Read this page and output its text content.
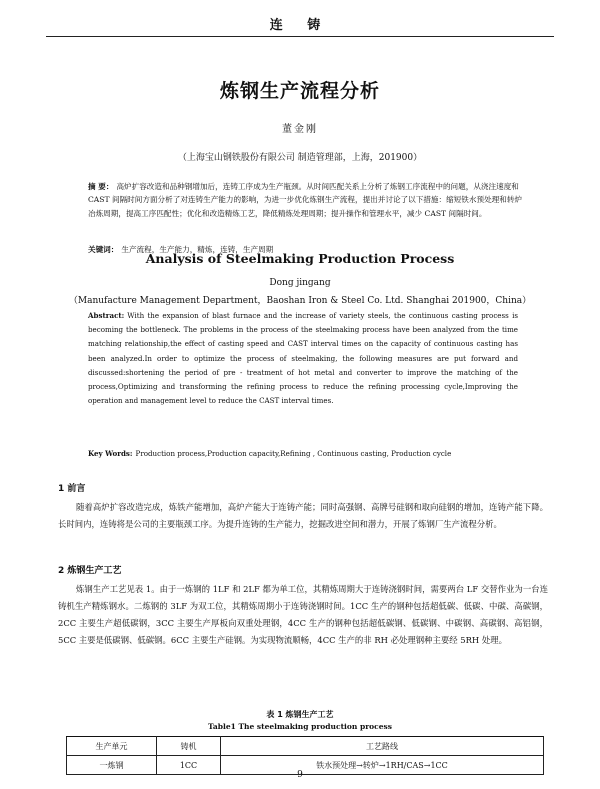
连 铸
炼钢生产流程分析
董金刚
（上海宝山钢铁股份有限公司 制造管理部，上海，201900）
摘 要： 高炉扩容改造和品种钢增加后，连铸工序成为生产瓶颈。从时间匹配关系上分析了炼钢工序流程中的问题，从浇注速度和 CAST 间隔时间方面分析了对连铸生产能力的影响，为进一步优化炼钢生产流程，提出并讨论了以下措施：缩短铁水预处理和转炉冶炼周期，提高工序匹配性；优化和改造精炼工艺，降低精炼处理周期；提升操作和管理水平，减少 CAST 间隔时间。
关键词： 生产流程，生产能力，精炼，连铸，生产周期
Analysis of Steelmaking Production Process
Dong jingang
（Manufacture Management Department，Baoshan Iron & Steel Co. Ltd. Shanghai 201900，China）
Abstract: With the expansion of blast furnace and the increase of variety steels, the continuous casting process is becoming the bottleneck. The problems in the process of the steelmaking process have been analyzed from the time matching relationship,the effect of casting speed and CAST interval times on the capacity of continuous casting has been analyzed.In order to optimize the process of steelmaking, the following measures are put forward and discussed:shortening the period of pre - treatment of hot metal and converter to improve the matching of the process,Optimizing and transforming the refining process to reduce the refining processing cycle,Improving the operation and management level to reduce the CAST interval times.
Key Words: Production process,Production capacity,Refining , Continuous casting, Production cycle
1 前言
随着高炉扩容改造完成，炼铁产能增加，高炉产能大于连铸产能；同时高强钢、高牌号硅钢和取向硅钢的增加，连铸产能下降。长时间内，连铸将是公司的主要瓶颈工序。为提升连铸的生产能力，挖掘改进空间和潜力，开展了炼钢厂生产流程分析。
2 炼钢生产工艺
炼钢生产工艺见表 1。由于一炼钢的 1LF 和 2LF 都为单工位，其精炼周期大于连铸浇钢时间，需要两台 LF 交替作业为一台连铸机生产精炼钢水。二炼钢的 3LF 为双工位，其精炼周期小于连铸浇钢时间。1CC 生产的钢种包括超低碳、低碳、中碳、高碳钢，2CC 主要生产超低碳钢，3CC 主要生产厚板向双重处理钢，4CC 生产的钢种包括超低碳钢、低碳钢、中碳钢、高碳钢、高铝钢，5CC 主要是低碳钢、低碳钢。6CC 主要生产硅钢。为实现物流顺畅，4CC 生产的非 RH 必处理钢种主要经 5RH 处理。
表 1 炼钢生产工艺
Table1 The steelmaking production process
生产单元	铸机	工艺路线
一炼钢	1CC	铁水预处理→转炉→1RH/CAS→1CC
9
